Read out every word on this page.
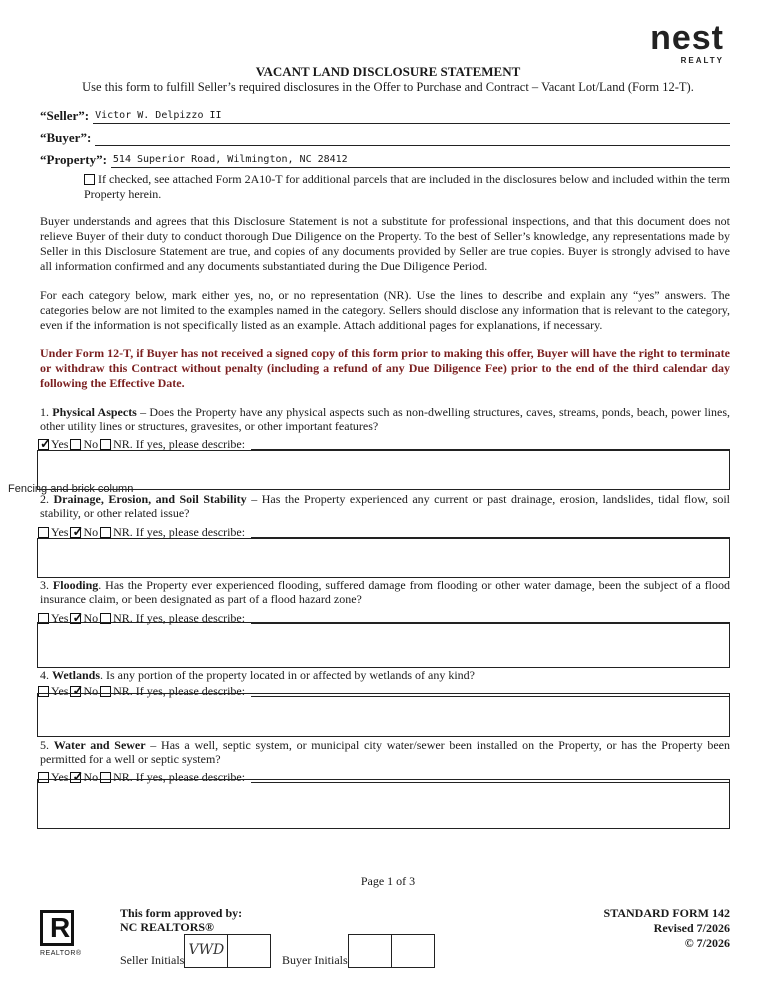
nest
REALTY
VACANT LAND DISCLOSURE STATEMENT
Use this form to fulfill Seller’s required disclosures in the Offer to Purchase and Contract – Vacant Lot/Land (Form 12-T).
“Seller”: Victor W. Delpizzo II
“Buyer”:
“Property”: 514 Superior Road, Wilmington, NC 28412
If checked, see attached Form 2A10-T for additional parcels that are included in the disclosures below and included within the term Property herein.
Buyer understands and agrees that this Disclosure Statement is not a substitute for professional inspections, and that this document does not relieve Buyer of their duty to conduct thorough Due Diligence on the Property. To the best of Seller’s knowledge, any representations made by Seller in this Disclosure Statement are true, and copies of any documents provided by Seller are true copies. Buyer is strongly advised to have all information confirmed and any documents substantiated during the Due Diligence Period.
For each category below, mark either yes, no, or no representation (NR). Use the lines to describe and explain any “yes” answers. The categories below are not limited to the examples named in the category. Sellers should disclose any information that is relevant to the category, even if the information is not specifically listed as an example. Attach additional pages for explanations, if necessary.
Under Form 12-T, if Buyer has not received a signed copy of this form prior to making this offer, Buyer will have the right to terminate or withdraw this Contract without penalty (including a refund of any Due Diligence Fee) prior to the end of the third calendar day following the Effective Date.
1. Physical Aspects – Does the Property have any physical aspects such as non-dwelling structures, caves, streams, ponds, beach, power lines, other utility lines or structures, gravesites, or other important features?
✓
Yes No NR. If yes, please describe:
Fencing and brick column
2. Drainage, Erosion, and Soil Stability – Has the Property experienced any current or past drainage, erosion, landslides, tidal flow, soil stability, or other related issue?
Yes ✓ No NR. If yes, please describe:
3. Flooding. Has the Property ever experienced flooding, suffered damage from flooding or other water damage, been the subject of a flood insurance claim, or been designated as part of a flood hazard zone?
Yes ✓ No NR. If yes, please describe:
4. Wetlands. Is any portion of the property located in or affected by wetlands of any kind?
Yes ✓ No NR. If yes, please describe:
5. Water and Sewer – Has a well, septic system, or municipal city water/sewer been installed on the Property, or has the Property been permitted for a well or septic system?
Yes ✓ No NR. If yes, please describe:
Page 1 of 3
R
REALTOR®
This form approved by:
NC REALTORS®
Seller Initials
VWD
Buyer Initials
STANDARD FORM 142
Revised 7/2026
© 7/2026
